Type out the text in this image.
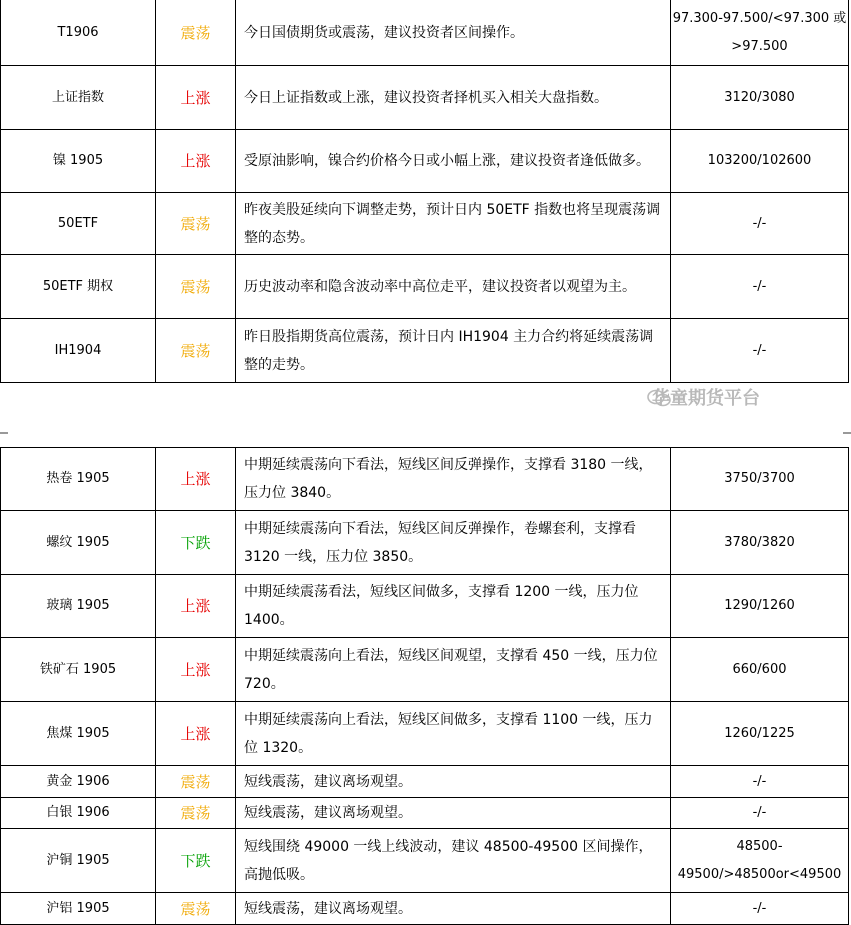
T1906	震荡	今日国债期货或震荡，建议投资者区间操作。	97.300-97.500/<97.300 或>97.500
上证指数	上涨	今日上证指数或上涨，建议投资者择机买入相关大盘指数。	3120/3080
镍 1905	上涨	受原油影响，镍合约价格今日或小幅上涨，建议投资者逢低做多。	103200/102600
50ETF	震荡	昨夜美股延续向下调整走势，预计日内 50ETF 指数也将呈现震荡调整的态势。	-/-
50ETF 期权	震荡	历史波动率和隐含波动率中高位走平，建议投资者以观望为主。	-/-
IH1904	震荡	昨日股指期货高位震荡，预计日内 IH1904 主力合约将延续震荡调整的走势。	-/-
华童期货平台
热卷 1905	上涨	中期延续震荡向下看法，短线区间反弹操作，支撑看 3180 一线，压力位 3840。	3750/3700
螺纹 1905	下跌	中期延续震荡向下看法，短线区间反弹操作，卷螺套利，支撑看 3120 一线，压力位 3850。	3780/3820
玻璃 1905	上涨	中期延续震荡看法，短线区间做多，支撑看 1200 一线，压力位 1400。	1290/1260
铁矿石 1905	上涨	中期延续震荡向上看法，短线区间观望，支撑看 450 一线，压力位 720。	660/600
焦煤 1905	上涨	中期延续震荡向上看法，短线区间做多，支撑看 1100 一线，压力位 1320。	1260/1225
黄金 1906	震荡	短线震荡，建议离场观望。	-/-
白银 1906	震荡	短线震荡，建议离场观望。	-/-
沪铜 1905	下跌	短线围绕 49000 一线上线波动，建议 48500-49500 区间操作，高抛低吸。	48500-49500/>48500or<49500
沪铝 1905	震荡	短线震荡，建议离场观望。	-/-
